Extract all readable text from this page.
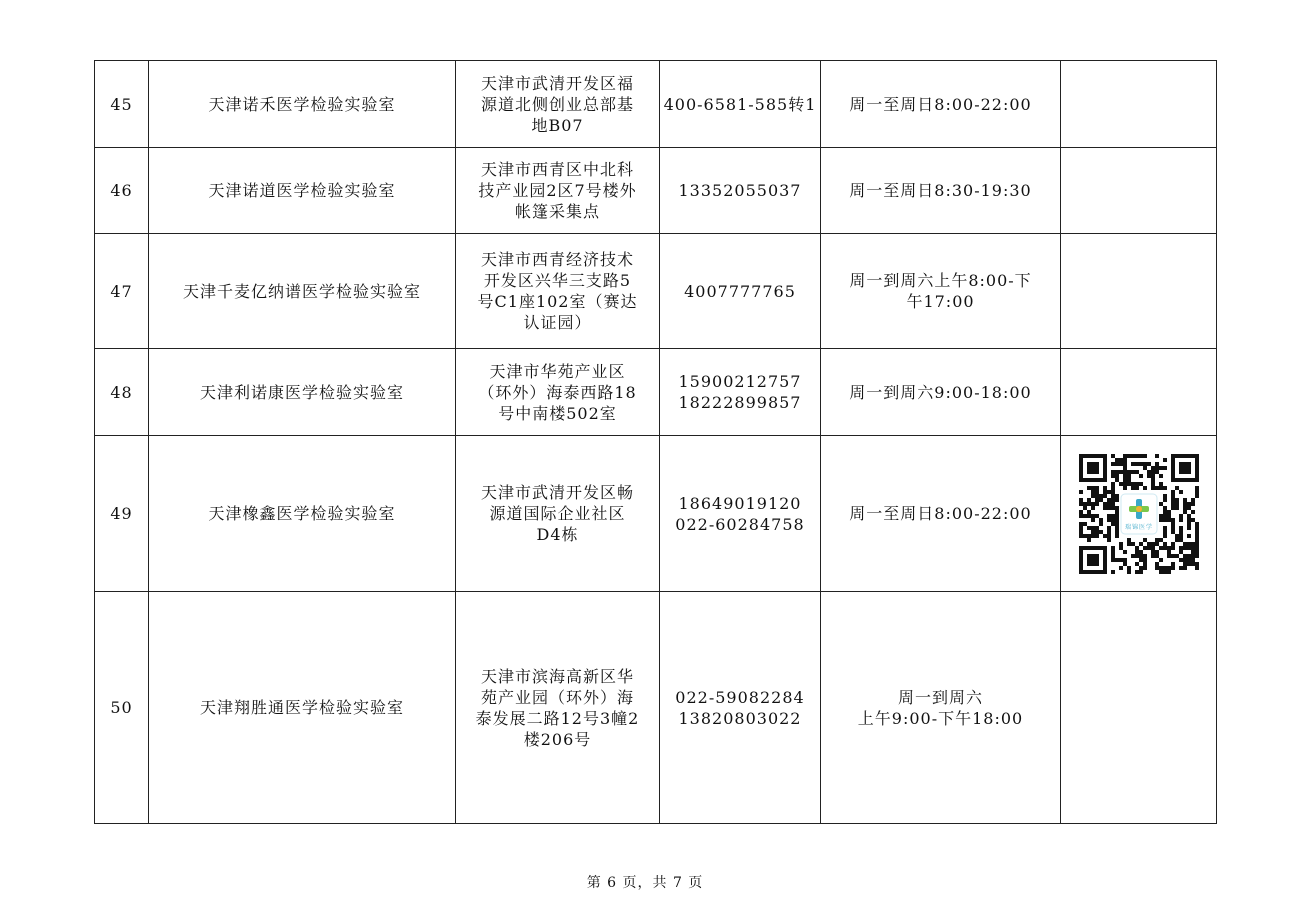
45	天津诺禾医学检验实验室	天津市武清开发区福
源道北侧创业总部基
地B07	400-6581-585转1	周一至周日8:00-22:00	

46	天津诺道医学检验实验室	天津市西青区中北科
技产业园2区7号楼外
帐篷采集点	13352055037	周一至周日8:30-19:30	

47	天津千麦亿纳谱医学检验实验室	天津市西青经济技术
开发区兴华三支路5
号C1座102室（赛达
认证园）	4007777765	周一到周六上午8:00-下
午17:00	

48	天津利诺康医学检验实验室	天津市华苑产业区
（环外）海泰西路18
号中南楼502室	15900212757
18222899857	周一到周六9:00-18:00	

49	天津橡鑫医学检验实验室	天津市武清开发区畅
源道国际企业社区
D4栋	18649019120
022-60284758	周一至周日8:00-22:00	瑞锦医学

50	天津翔胜通医学检验实验室	天津市滨海高新区华
苑产业园（环外）海
泰发展二路12号3幢2
楼206号	022-59082284
13820803022	周一到周六
上午9:00-下午18:00	

第 6 页，共 7 页
